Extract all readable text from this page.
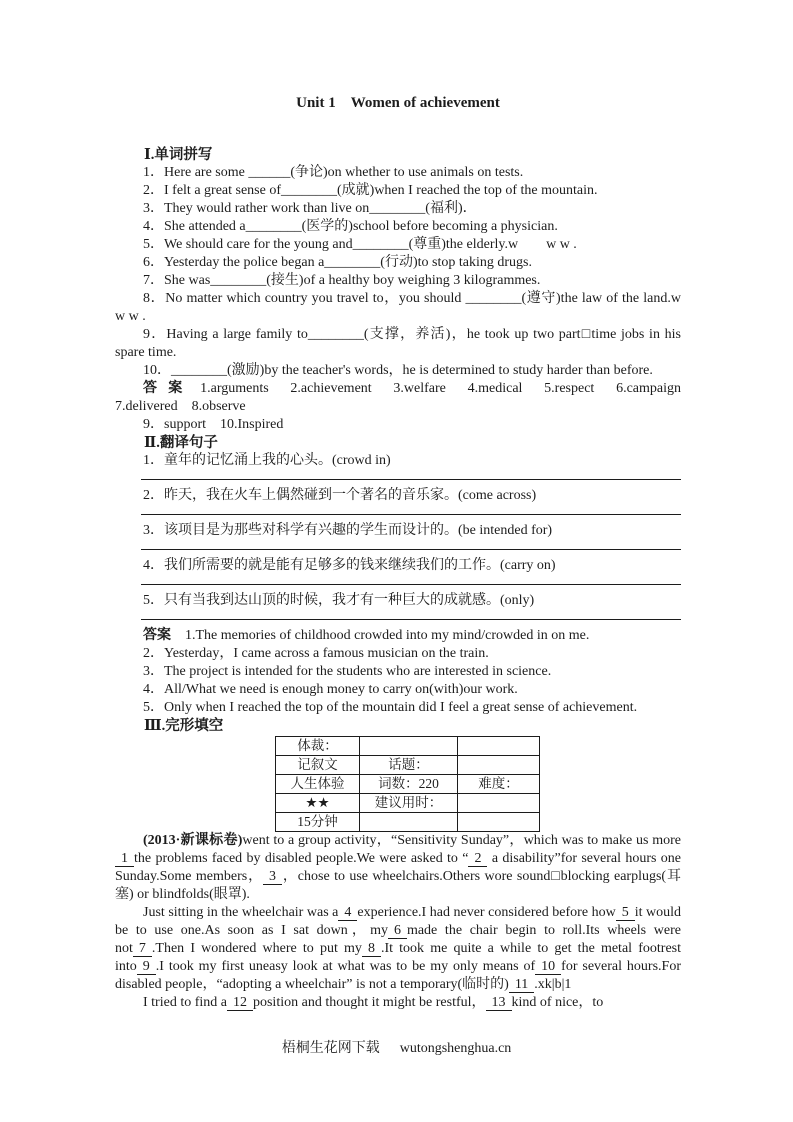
Unit 1　Women of achievement
Ⅰ.单词拼写

1．Here are some ______(争论)on whether to use animals on tests.

2．I felt a great sense of________(成就)when I reached the top of the mountain.

3．They would rather work than live on________(福利)．

4．She attended a________(医学的)school before becoming a physician.

5．We should care for the young and________(尊重)the elderly.w　　w w .

6．Yesterday the police began a________(行动)to stop taking drugs.

7．She was________(接生)of a healthy boy weighing 3 kilogrammes.

8．No matter which country you travel to，you should ________(遵守)the law of the land.w w w .

9．Having a large family to________(支撑，养活)，he took up two part□time jobs in his spare time.

10．________(激励)by the teacher's words，he is determined to study harder than before.

答 案 1.arguments　2.achievement　3.welfare　4.medical　5.respect　6.campaign　7.delivered　8.observe

9．support　10.Inspired

Ⅱ.翻译句子

1．童年的记忆涌上我的心头。(crowd in)

2．昨天，我在火车上偶然碰到一个著名的音乐家。(come across)

3．该项目是为那些对科学有兴趣的学生而设计的。(be intended for)

4．我们所需要的就是能有足够多的钱来继续我们的工作。(carry on)

5．只有当我到达山顶的时候，我才有一种巨大的成就感。(only)

答案 1.The memories of childhood crowded into my mind/crowded in on me.

2．Yesterday，I came across a famous musician on the train.

3．The project is intended for the students who are interested in science.

4．All/What we need is enough money to carry on(with)our work.

5．Only when I reached the top of the mountain did I feel a great sense of achievement.

Ⅲ.完形填空
体裁：		
记叙文	话题：	
人生体验	词数：220	难度：
★★	建议用时：	
15分钟		

(2013·新课标卷)went to a group activity，“Sensitivity Sunday”，which was to make us more 1 the problems faced by disabled people.We were asked to “ 2 a disability”for several hours one Sunday.Some members， 3 ，chose to use wheelchairs.Others wore sound□blocking earplugs(耳塞) or blindfolds(眼罩).

Just sitting in the wheelchair was a 4 experience.I had never considered before how 5 it would be to use one.As soon as I sat down，my 6 made the chair begin to roll.Its wheels were not 7 .Then I wondered where to put my 8 .It took me quite a while to get the metal footrest into 9 .I took my first uneasy look at what was to be my only means of 10 for several hours.For disabled people，“adopting a wheelchair” is not a temporary(临时的) 11 .xk|b|1

I tried to find a 12 position and thought it might be restful， 13 kind of nice，to

梧桐生花网下载 wutongshenghua.cn
